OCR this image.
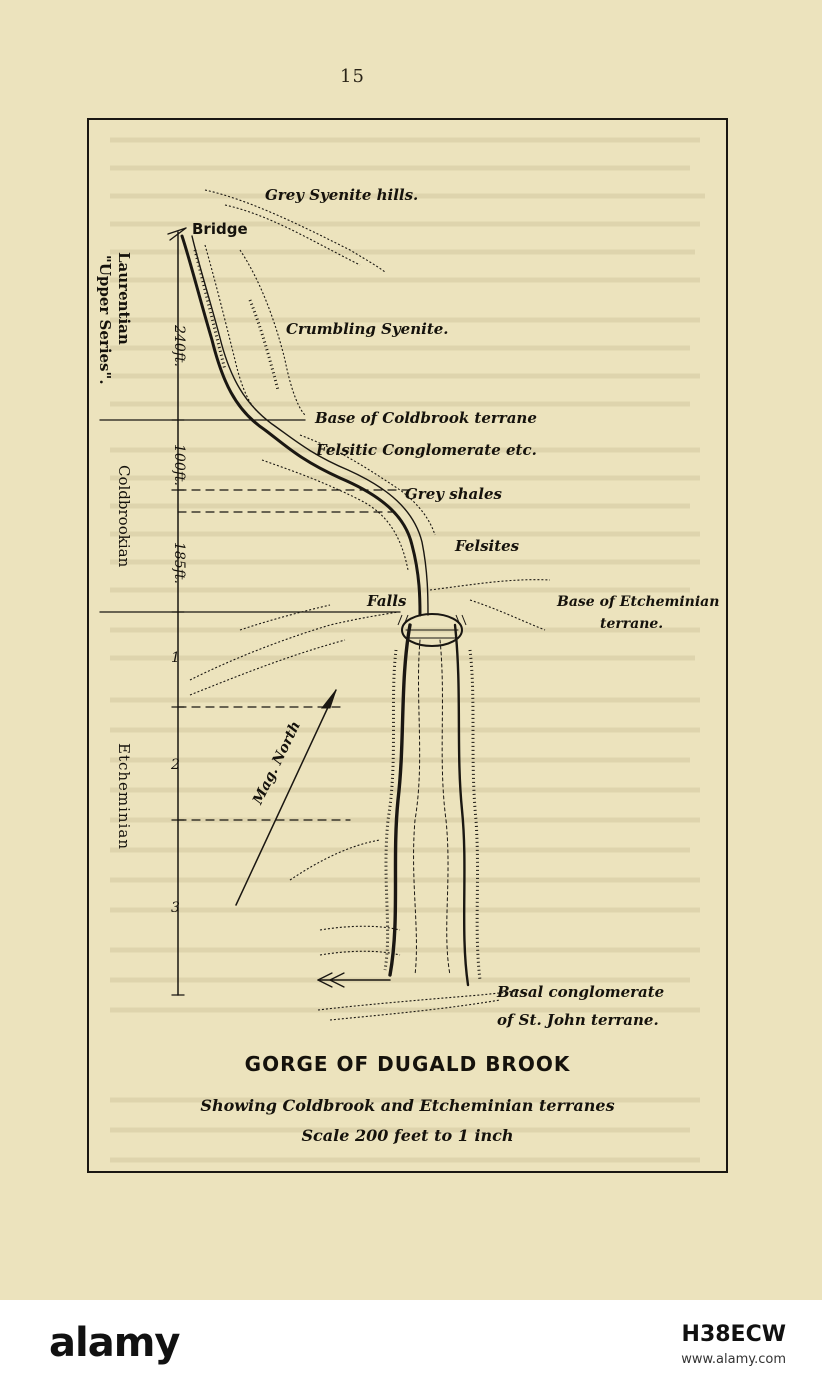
15
Grey Syenite hills.
Bridge
Crumbling Syenite.
Base of Coldbrook terrane
Felsitic Conglomerate etc.
Grey shales
Felsites
Falls	Base of Etcheminian
terrane.
Basal conglomerate
of St. John terrane.
Mag. North
Laurentian
"Upper Series".
Coldbrookian
Etcheminian
240ft.
100ft.
185ft.
1
2
3
GORGE OF DUGALD BROOK
Showing Coldbrook and Etcheminian terranes
Scale 200 feet to 1 inch
alamy	H38ECW
www.alamy.com
